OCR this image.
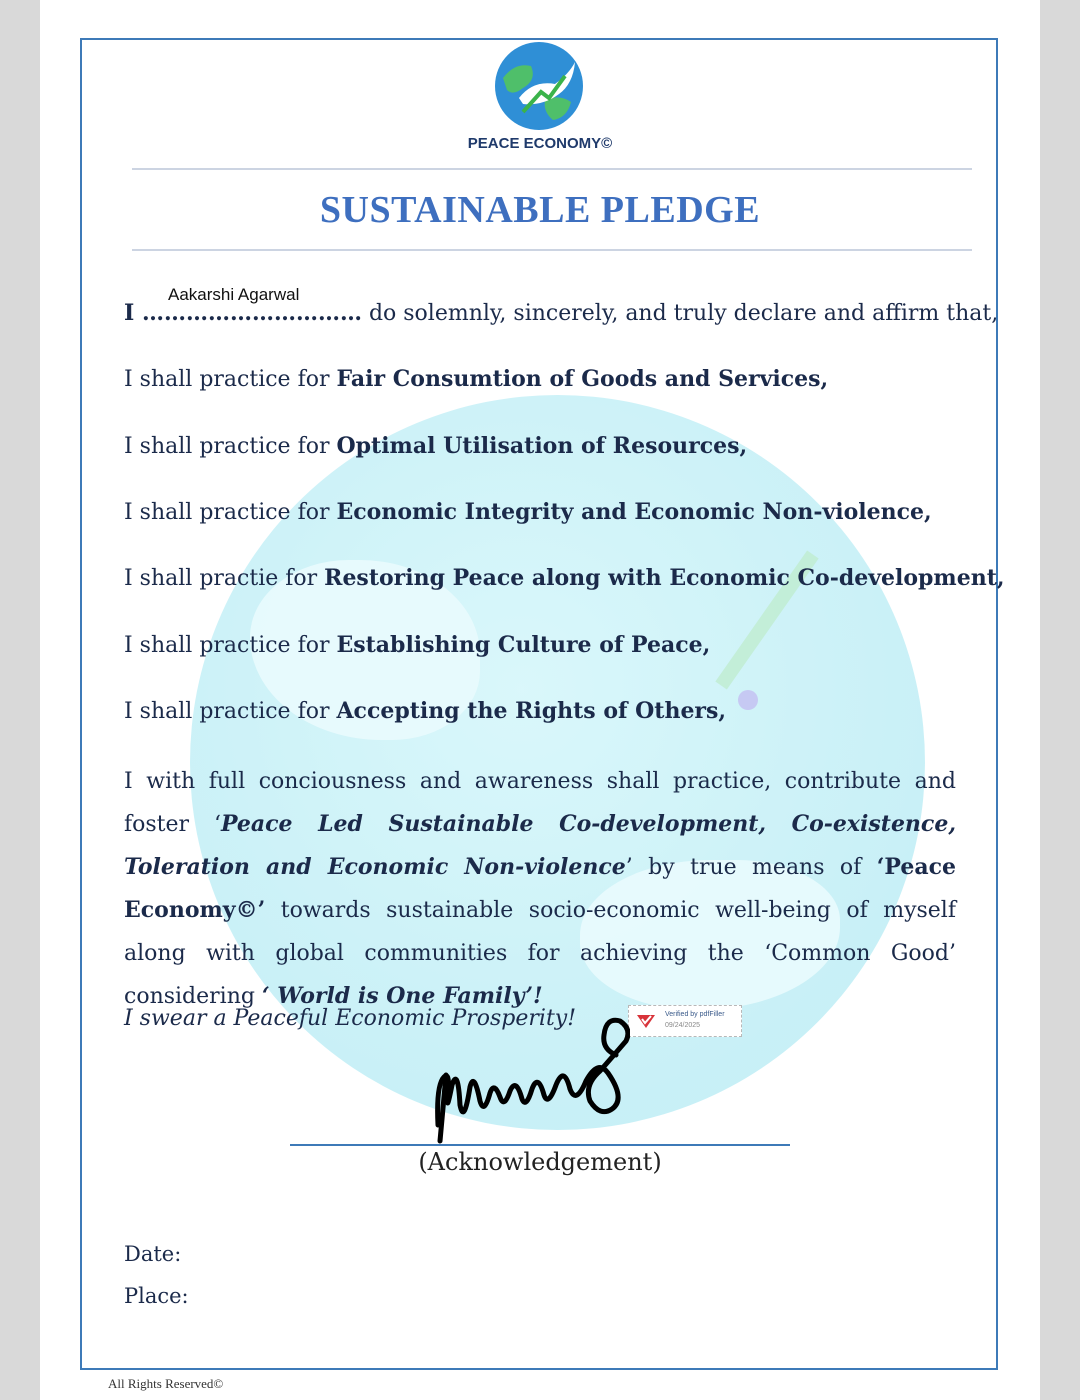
PEACE ECONOMY©
SUSTAINABLE PLEDGE
Aakarshi Agarwal
I ………………………… do solemnly, sincerely, and truly declare and affirm that,
I shall practice for Fair Consumtion of Goods and Services,
I shall practice for Optimal Utilisation of Resources,
I shall practice for Economic Integrity and Economic Non-violence,
I shall practie for Restoring Peace along with Economic Co-development,
I shall practice for Establishing Culture of Peace,
I shall practice for Accepting the Rights of Others,
I with full conciousness and awareness shall practice, contribute and foster ‘Peace Led Sustainable Co-development, Co-existence, Toleration and Economic Non-violence’ by true means of ‘Peace Economy©’ towards sustainable socio-economic well-being of myself along with global communities for achieving the ‘Common Good’ considering ‘ World is One Family’!
I swear a Peaceful Economic Prosperity!	Verified by pdfFiller
09/24/2025
(Acknowledgement)
Date:
Place:
All Rights Reserved©
